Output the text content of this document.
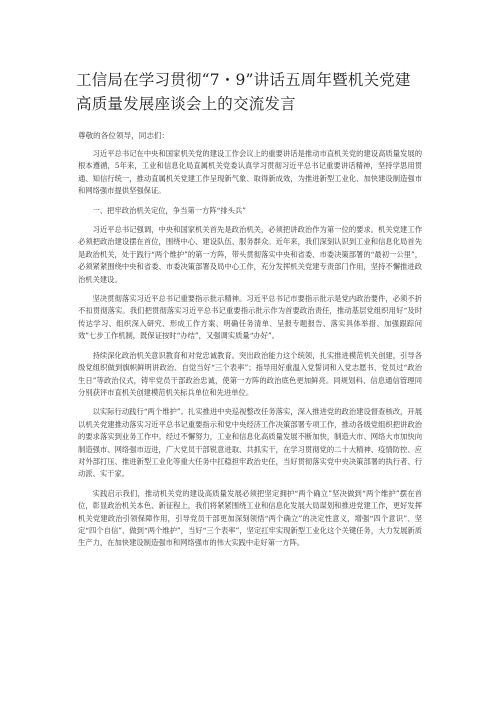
工信局在学习贯彻“7・9”讲话五周年暨机关党建高质量发展座谈会上的交流发言

尊敬的各位领导，同志们：

习近平总书记在中央和国家机关党的建设工作会议上的重要讲话是推动市直机关党的建设高质量发展的根本遵循，5年来，工业和信息化局直属机关党委认真学习贯彻习近平总书记重要讲话精神，坚持学思用贯通、知信行统一，推动直属机关党建工作呈现新气象、取得新成效，为推进新型工业化、加快建设制造强市和网络强市提供坚强保证。

一、把牢政治机关定位，争当第一方阵“排头兵”

习近平总书记强调，中央和国家机关首先是政治机关，必须把讲政治作为第一位的要求。机关党建工作必须把政治建设摆在首位，围绕中心、建设队伍、服务群众。近年来，我们深刻认识到工业和信息化局首先是政治机关，处于践行“两个维护”的第一方阵，带头贯彻落实中央和省委、市委决策部署的“最初一公里”，必须紧紧围绕中央和省委、市委决策部署及局中心工作，充分发挥机关党建专责部门作用，坚持不懈推进政治机关建设。

坚决贯彻落实习近平总书记重要指示批示精神。习近平总书记市要指示批示是党内政治要件，必须不折不扣贯彻落实。我们把贯彻落实习近平总书记重要指示批示作为首要政治责任，推动基层党组织用好“及时传达学习、组织深入研究、形成工作方案、明确任务清单、呈报专题报告、落实具体举措、加强跟踪问效”七步工作机制，既保证按时“办结”，又强调实质量“办好”。

持续深化政治机关意识教育和对党忠诚教育。突出政治能力这个统领，扎实推进模范机关创建，引导各级党组织做到旗帜鲜明讲政治、自觉当好“三个表率”；指导用好重温入党誓词和入党志愿书、党员过“政治生日”等政治仪式，铸牢党员干部政治忠诚，使第一方阵的政治底色更加鲜亮。同规划科、信息通信管理同分别获评市直机关创建模范机关标兵单位和先进单位。

以实际行动践行“两个维护”。扎实推进中央巡视整改任务落实，深入推进党的政治建设督查核改，开展以机关党建推动落实习近平总书记重要指示和党中央经济工作决策部署专项工作，推动各级党组织把讲政治的要求落实到业务工作中。经过不懈努力，工业和信息化高质量发展不断加快，制造大市、网络大市加快向制造强市、网络强市迈进，广大党员干部锐意进取、共抓实干，在学习贯彻党的二十大精神、疫情防控、应对外部打压、推进新型工业化等重大任务中扛稳担牢政治史任，当好贯彻落实党中央决策部署的执行者、行动派、实干家。

实践启示我们，推动机关党的建设高质量发展必须把坚定拥护“两个确立”坚决做到“两个维护”摆在首位，彰显政治机关本色、新征程上，我们将紧紧围绕工业和信息化发展大局谋划和推进党建工作，更好发挥机关党建政治引领保障作用，引导党员干部更加深刻领悟“两个确立”的决定性意义，增强“四个意识”、坚定“四个自信”、做到“两个维护”，当好“三个表率”，坚定扛牢实现新型工业化这个关键任务，大力发展新质生产力，在加快建设制造强市和网络强市的伟大实践中走好第一方阵。
